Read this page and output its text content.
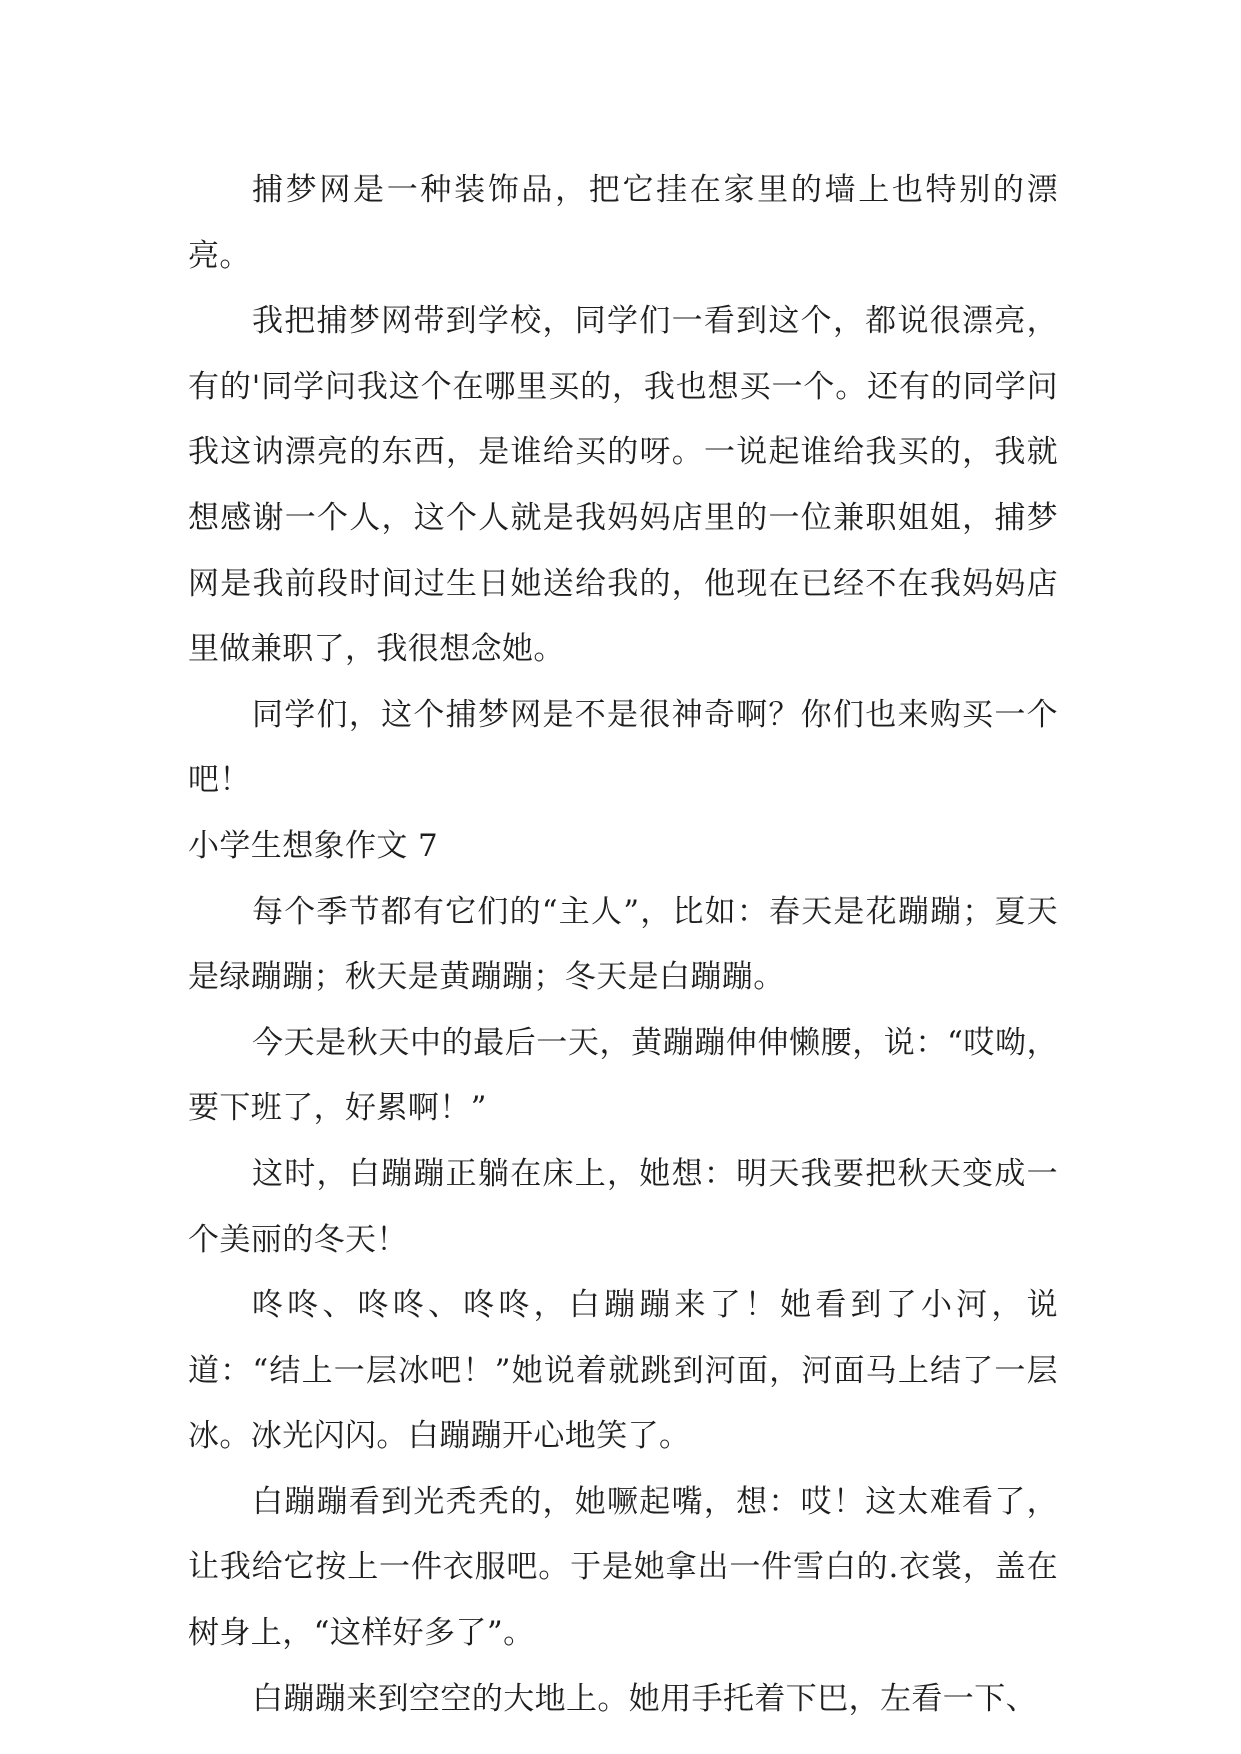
捕梦网是一种装饰品，把它挂在家里的墙上也特别的漂亮。

我把捕梦网带到学校，同学们一看到这个，都说很漂亮，有的'同学问我这个在哪里买的，我也想买一个。还有的同学问我这讷漂亮的东西，是谁给买的呀。一说起谁给我买的，我就想感谢一个人，这个人就是我妈妈店里的一位兼职姐姐，捕梦网是我前段时间过生日她送给我的，他现在已经不在我妈妈店里做兼职了，我很想念她。

同学们，这个捕梦网是不是很神奇啊？你们也来购买一个吧！

小学生想象作文 7

每个季节都有它们的“主人”，比如：春天是花蹦蹦；夏天是绿蹦蹦；秋天是黄蹦蹦；冬天是白蹦蹦。

今天是秋天中的最后一天，黄蹦蹦伸伸懒腰，说：“哎呦，要下班了，好累啊！”

这时，白蹦蹦正躺在床上，她想：明天我要把秋天变成一个美丽的冬天！

咚咚、咚咚、咚咚，白蹦蹦来了！她看到了小河，说道：“结上一层冰吧！”她说着就跳到河面，河面马上结了一层冰。冰光闪闪。白蹦蹦开心地笑了。

白蹦蹦看到光秃秃的，她噘起嘴，想：哎！这太难看了，让我给它按上一件衣服吧。于是她拿出一件雪白的.衣裳，盖在树身上，“这样好多了”。

白蹦蹦来到空空的大地上。她用手托着下巴，左看一下、
